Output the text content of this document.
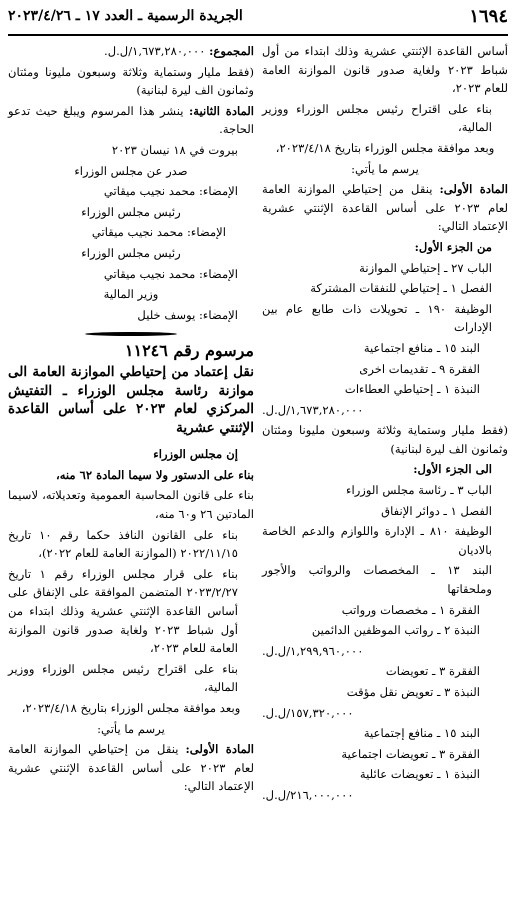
١٦٩٤
الجريدة الرسمية ـ العدد ١٧ ـ ٢٠٢٣/٤/٢٦

أساس القاعدة الإثنتي عشرية وذلك ابتداء من أول شباط ٢٠٢٣ ولغاية صدور قانون الموازنة العامة للعام ٢٠٢٣،

بناء على اقتراح رئيس مجلس الوزراء ووزير المالية،

وبعد موافقة مجلس الوزراء بتاريخ ٢٠٢٣/٤/١٨،

يرسم ما يأتي:

المادة الأولى: ينقل من إحتياطي الموازنة العامة لعام ٢٠٢٣ على أساس القاعدة الإثنتي عشرية الإعتماد التالي:

من الجزء الأول:

الباب ٢٧ ـ إحتياطي الموازنة

الفصل ١ ـ إحتياطي للنفقات المشتركة

الوظيفة ١٩٠ ـ تحويلات ذات طابع عام بين الإدارات

البند ١٥ ـ منافع اجتماعية

الفقرة ٩ ـ تقديمات اخرى

النبذة ١ ـ إحتياطي العطاءات

١,٦٧٣,٢٨٠,٠٠٠/ل.ل.

(فقط مليار وستماية وثلاثة وسبعون مليونا ومئتان وثمانون الف ليرة لبنانية)

الى الجزء الأول:

الباب ٣ ـ رئاسة مجلس الوزراء

الفصل ١ ـ دوائر الإنفاق

الوظيفة ٨١٠ ـ الإدارة واللوازم والدعم الخاصة بالاديان

البند ١٣ ـ المخصصات والرواتب والأجور وملحقاتها

الفقرة ١ ـ مخصصات ورواتب

النبذة ٢ ـ رواتب الموظفين الدائمين

١,٢٩٩,٩٦٠,٠٠٠/ل.ل.

الفقرة ٣ ـ تعويضات

النبذة ٣ ـ تعويض نقل مؤقت

١٥٧,٣٢٠,٠٠٠/ل.ل.

البند ١٥ ـ منافع إجتماعية

الفقرة ٣ ـ تعويضات اجتماعية

النبذة ١ ـ تعويضات عائلية

٢١٦,٠٠٠,٠٠٠/ل.ل.

المجموع: ١,٦٧٣,٢٨٠,٠٠٠/ل.ل.

(فقط مليار وستماية وثلاثة وسبعون مليونا ومئتان وثمانون الف ليرة لبنانية)

المادة الثانية: ينشر هذا المرسوم ويبلغ حيث تدعو الحاجة.

بيروت في ١٨ نيسان ٢٠٢٣

صدر عن مجلس الوزراء

الإمضاء: محمد نجيب ميقاتي

رئيس مجلس الوزراء

الإمضاء: محمد نجيب ميقاتي

رئيس مجلس الوزراء

الإمضاء: محمد نجيب ميقاتي

وزير المالية

الإمضاء: يوسف خليل

مرسوم رقم ١١٢٤٦

نقل إعتماد من إحتياطي الموازنة العامة الى موازنة رئاسة مجلس الوزراء ـ التفتيش المركزي لعام ٢٠٢٣ على أساس القاعدة الإثنتي عشرية

إن مجلس الوزراء

بناء على الدستور ولا سيما المادة ٦٢ منه،

بناء على قانون المحاسبة العمومية وتعديلاته، لاسيما المادتين ٢٦ و٦٠ منه،

بناء على القانون النافذ حكما رقم ١٠ تاريخ ٢٠٢٢/١١/١٥ (الموازنة العامة للعام ٢٠٢٢)،

بناء على قرار مجلس الوزراء رقم ١ تاريخ ٢٠٢٣/٢/٢٧ المتضمن الموافقة على الإنفاق على أساس القاعدة الإثنتي عشرية وذلك ابتداء من أول شباط ٢٠٢٣ ولغاية صدور قانون الموازنة العامة للعام ٢٠٢٣،

بناء على اقتراح رئيس مجلس الوزراء ووزير المالية،

وبعد موافقة مجلس الوزراء بتاريخ ٢٠٢٣/٤/١٨،

يرسم ما يأتي:

المادة الأولى: ينقل من إحتياطي الموازنة العامة لعام ٢٠٢٣ على أساس القاعدة الإثنتي عشرية الإعتماد التالي:
